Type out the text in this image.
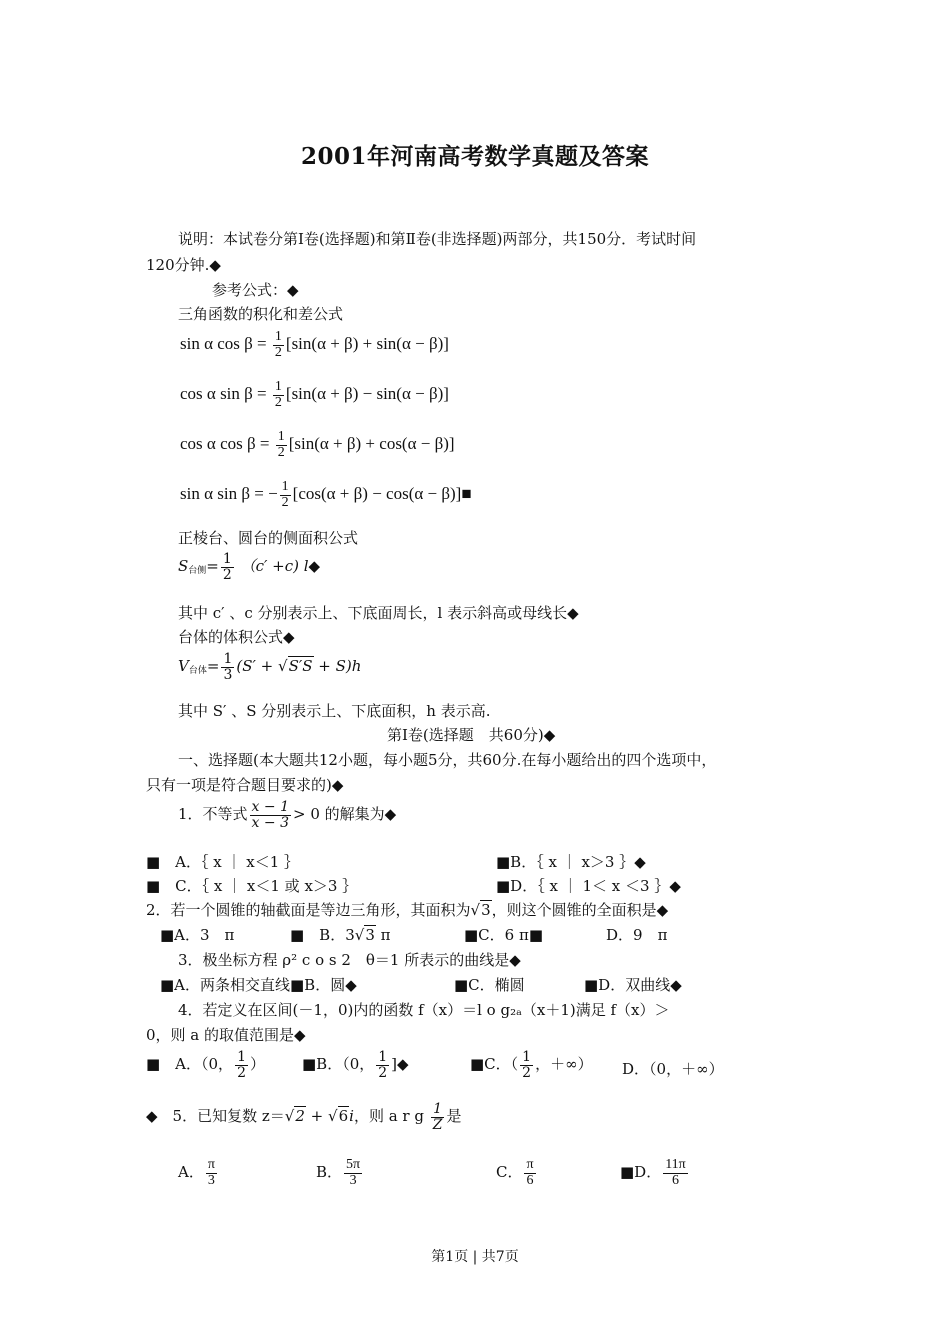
2001年河南高考数学真题及答案
说明：本试卷分第Ⅰ卷(选择题)和第Ⅱ卷(非选择题)两部分，共150分．考试时间
120分钟.◆
参考公式：◆
三角函数的积化和差公式
sin α $\cos \beta = \frac{1}{2} [\sin(\alpha + \beta) + \sin(\alpha - \beta)]$
cos α $\sin \beta = \frac{1}{2} [\sin(\alpha + \beta) - \sin(\alpha - \beta)]$
cos α $\cos \beta = \frac{1}{2} [\sin(\alpha + \beta) + \cos(\alpha - \beta)]$
sin α sin β = − $\frac{1}{2} [\cos(\alpha + \beta) - \cos(\alpha$ − β)]■
正棱台、圆台的侧面积公式
$S_{台侧}= \frac{1}{2} (c' +c)$ l◆
其中 c′ 、c 分别表示上、下底面周长，l 表示斜高或母线长◆
台体的体积公式◆
$V_{台体}= \frac{1}{3} (S' + √S'S + S)h$
其中 S′ 、S 分别表示上、下底面积，h 表示高.
第Ⅰ卷(选择题　共60分)◆
一、选择题(本大题共12小题，每小题5分，共60分.在每小题给出的四个选项中，
只有一项是符合题目要求的)◆
1．不等式 $\frac{x - 1}{x - 3} > 0$ 的解集为◆
■　A．｛ x ｜ x＜1 ｝	■B．｛ x ｜ x＞3 ｝◆
■　C．｛ x ｜ x＜1 或 x＞3 ｝	■D．｛ x ｜ 1＜ x ＜3 ｝◆
2．若一个圆锥的轴截面是等边三角形，其面积为√3，则这个圆锥的全面积是◆
■A．3　π	■　B．3√3 π	■C．6 π■	D．9　π
3．极坐标方程 ρ² c o s 2　θ＝1 所表示的曲线是◆
■A．两条相交直线■B．圆◆	■C．椭圆	■D．双曲线◆
4．若定义在区间(－1，0)内的函数 f（x）＝l o g₂ₐ（x＋1)满足 f（x）＞
0，则 a 的取值范围是◆
■　A．（0， $\frac{1}{2}$ ） ■B．（0， $\frac{1}{2}$ ]◆	■C．（ $\frac{1}{2}$ ，＋∞） D．（0，＋∞）
◆　5．已知复数 z＝√2 + √6i，则 a r g $\frac{1}{Z}$ 是
A． $\frac{\pi}{3}$	B． $\frac{5\pi}{3}$	C． $\frac{\pi}{6}$	■D． $\frac{11\pi}{6}$
第1页 | 共7页
